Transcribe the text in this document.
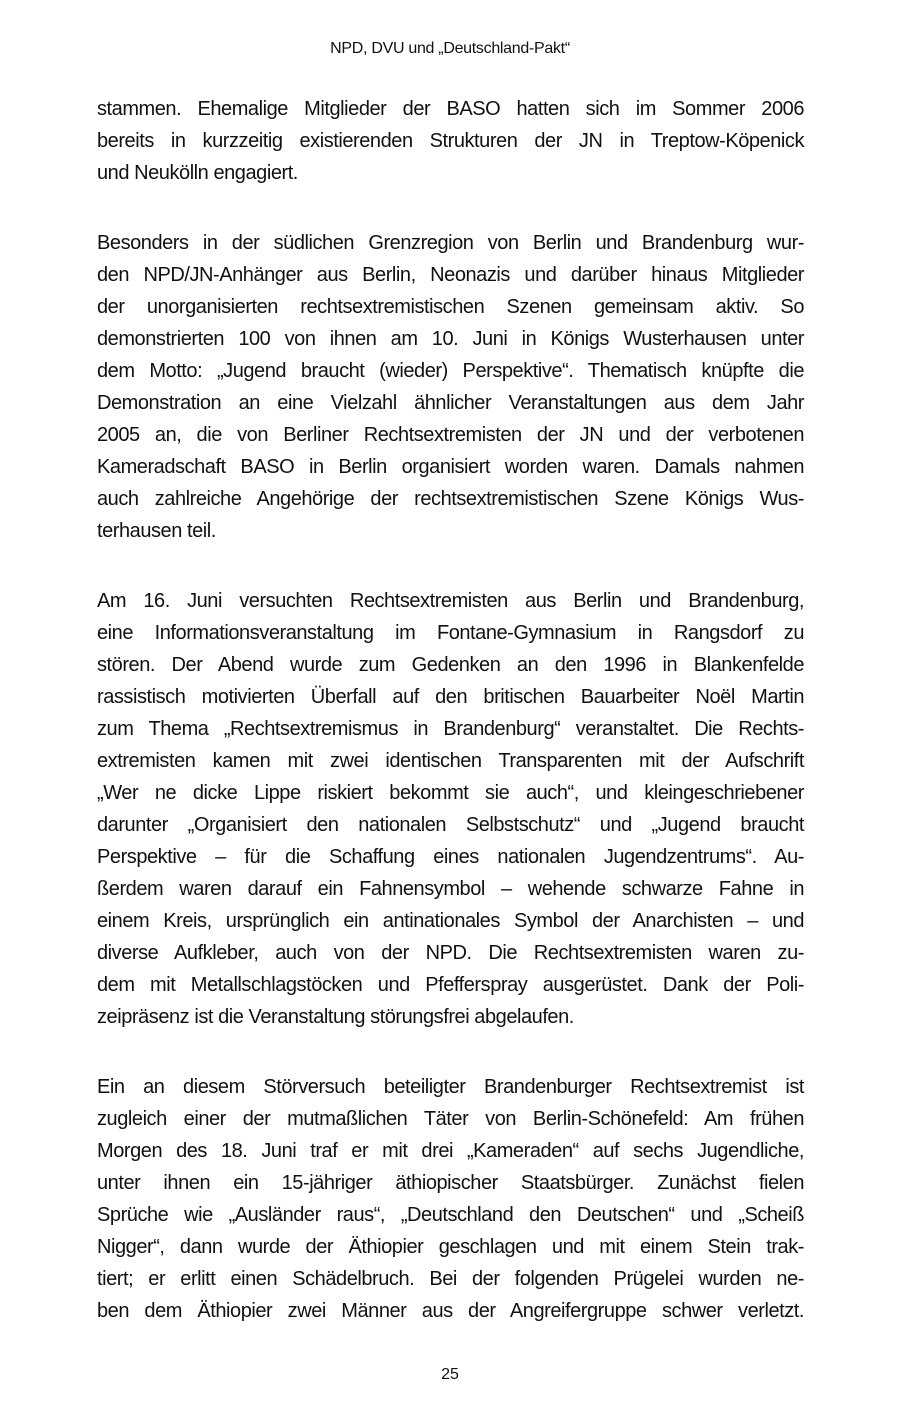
NPD, DVU und „Deutschland-Pakt“
stammen. Ehemalige Mitglieder der BASO hatten sich im Sommer 2006
bereits in kurzzeitig existierenden Strukturen der JN in Treptow-Köpenick
und Neukölln engagiert.
Besonders in der südlichen Grenzregion von Berlin und Brandenburg wur-
den NPD/JN-Anhänger aus Berlin, Neonazis und darüber hinaus Mitglieder
der unorganisierten rechtsextremistischen Szenen gemeinsam aktiv. So
demonstrierten 100 von ihnen am 10. Juni in Königs Wusterhausen unter
dem Motto: „Jugend braucht (wieder) Perspektive“. Thematisch knüpfte die
Demonstration an eine Vielzahl ähnlicher Veranstaltungen aus dem Jahr
2005 an, die von Berliner Rechtsextremisten der JN und der verbotenen
Kameradschaft BASO in Berlin organisiert worden waren. Damals nahmen
auch zahlreiche Angehörige der rechtsextremistischen Szene Königs Wus-
terhausen teil.
Am 16. Juni versuchten Rechtsextremisten aus Berlin und Brandenburg,
eine Informationsveranstaltung im Fontane-Gymnasium in Rangsdorf zu
stören. Der Abend wurde zum Gedenken an den 1996 in Blankenfelde
rassistisch motivierten Überfall auf den britischen Bauarbeiter Noël Martin
zum Thema „Rechtsextremismus in Brandenburg“ veranstaltet. Die Rechts-
extremisten kamen mit zwei identischen Transparenten mit der Aufschrift
„Wer ne dicke Lippe riskiert bekommt sie auch“, und kleingeschriebener
darunter „Organisiert den nationalen Selbstschutz“ und „Jugend braucht
Perspektive – für die Schaffung eines nationalen Jugendzentrums“. Au-
ßerdem waren darauf ein Fahnensymbol – wehende schwarze Fahne in
einem Kreis, ursprünglich ein antinationales Symbol der Anarchisten – und
diverse Aufkleber, auch von der NPD. Die Rechtsextremisten waren zu-
dem mit Metallschlagstöcken und Pfefferspray ausgerüstet. Dank der Poli-
zeipräsenz ist die Veranstaltung störungsfrei abgelaufen.
Ein an diesem Störversuch beteiligter Brandenburger Rechtsextremist ist
zugleich einer der mutmaßlichen Täter von Berlin-Schönefeld: Am frühen
Morgen des 18. Juni traf er mit drei „Kameraden“ auf sechs Jugendliche,
unter ihnen ein 15-jähriger äthiopischer Staatsbürger. Zunächst fielen
Sprüche wie „Ausländer raus“, „Deutschland den Deutschen“ und „Scheiß
Nigger“, dann wurde der Äthiopier geschlagen und mit einem Stein trak-
tiert; er erlitt einen Schädelbruch. Bei der folgenden Prügelei wurden ne-
ben dem Äthiopier zwei Männer aus der Angreifergruppe schwer verletzt.
25
